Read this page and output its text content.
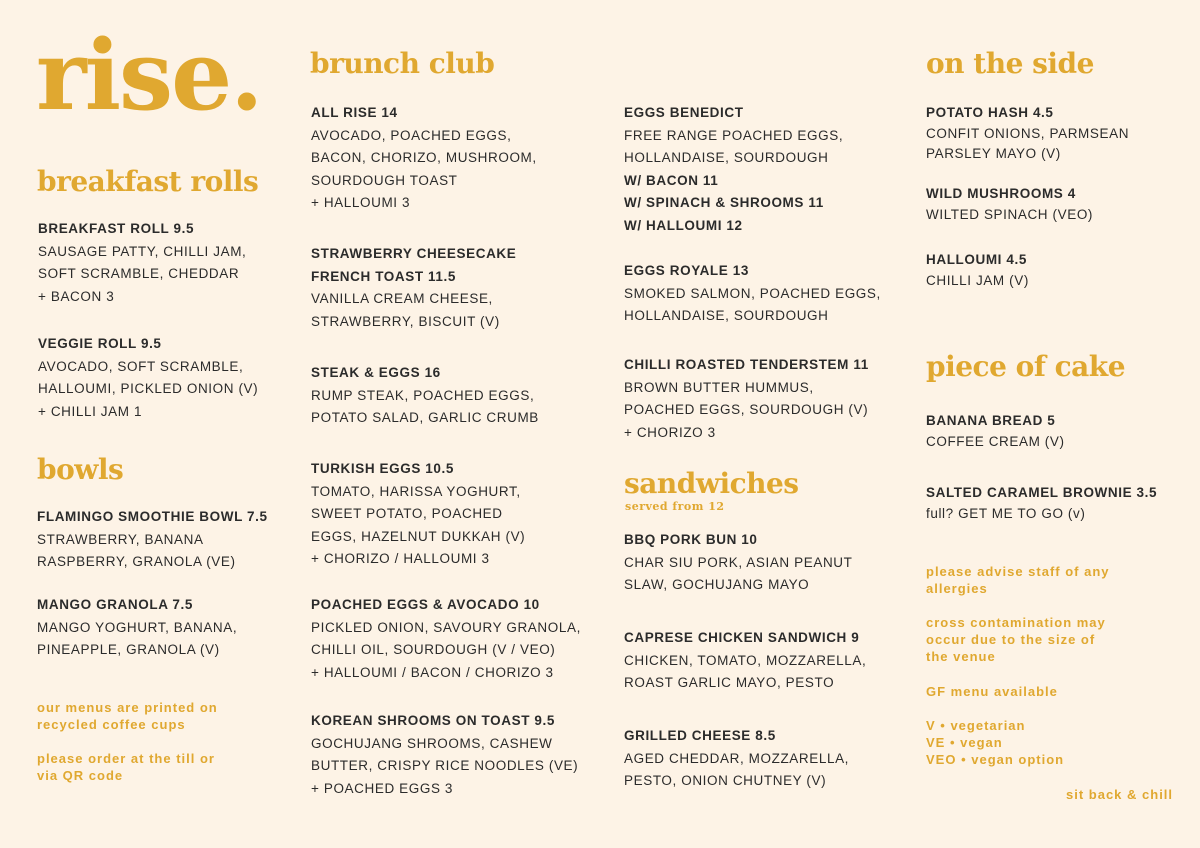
rise.
breakfast rolls
BREAKFAST ROLL 9.5
SAUSAGE PATTY, CHILLI JAM,
SOFT SCRAMBLE, CHEDDAR
+ BACON 3
VEGGIE ROLL 9.5
AVOCADO, SOFT SCRAMBLE,
HALLOUMI, PICKLED ONION (V)
+ CHILLI JAM 1
bowls
FLAMINGO SMOOTHIE BOWL 7.5
STRAWBERRY, BANANA
RASPBERRY, GRANOLA (VE)
MANGO GRANOLA 7.5
MANGO YOGHURT, BANANA,
PINEAPPLE, GRANOLA (V)
our menus are printed on
recycled coffee cups
please order at the till or
via QR code
brunch club
ALL RISE 14
AVOCADO, POACHED EGGS,
BACON, CHORIZO, MUSHROOM,
SOURDOUGH TOAST
+ HALLOUMI 3
STRAWBERRY CHEESECAKE
FRENCH TOAST 11.5
VANILLA CREAM CHEESE,
STRAWBERRY, BISCUIT (V)
STEAK & EGGS 16
RUMP STEAK, POACHED EGGS,
POTATO SALAD, GARLIC CRUMB
TURKISH EGGS 10.5
TOMATO, HARISSA YOGHURT,
SWEET POTATO, POACHED
EGGS, HAZELNUT DUKKAH (V)
+ CHORIZO / HALLOUMI 3
POACHED EGGS & AVOCADO 10
PICKLED ONION, SAVOURY GRANOLA,
CHILLI OIL, SOURDOUGH (V / VEO)
+ HALLOUMI / BACON / CHORIZO 3
KOREAN SHROOMS ON TOAST 9.5
GOCHUJANG SHROOMS, CASHEW
BUTTER, CRISPY RICE NOODLES (VE)
+ POACHED EGGS 3
EGGS BENEDICT
FREE RANGE POACHED EGGS,
HOLLANDAISE, SOURDOUGH
W/ BACON 11
W/ SPINACH & SHROOMS 11
W/ HALLOUMI 12
EGGS ROYALE 13
SMOKED SALMON, POACHED EGGS,
HOLLANDAISE, SOURDOUGH
CHILLI ROASTED TENDERSTEM 11
BROWN BUTTER HUMMUS,
POACHED EGGS, SOURDOUGH (V)
+ CHORIZO 3
sandwiches
served from 12
BBQ PORK BUN 10
CHAR SIU PORK, ASIAN PEANUT
SLAW, GOCHUJANG MAYO
CAPRESE CHICKEN SANDWICH 9
CHICKEN, TOMATO, MOZZARELLA,
ROAST GARLIC MAYO, PESTO
GRILLED CHEESE 8.5
AGED CHEDDAR, MOZZARELLA,
PESTO, ONION CHUTNEY (V)
on the side
POTATO HASH 4.5
CONFIT ONIONS, PARMSEAN
PARSLEY MAYO (V)
WILD MUSHROOMS 4
WILTED SPINACH (VEO)
HALLOUMI 4.5
CHILLI JAM (V)
piece of cake
BANANA BREAD 5
COFFEE CREAM (V)
SALTED CARAMEL BROWNIE 3.5
full? GET ME TO GO (v)
please advise staff of any
allergies
cross contamination may
occur due to the size of
the venue
GF menu available
V • vegetarian
VE • vegan
VEO • vegan option
sit back & chill
